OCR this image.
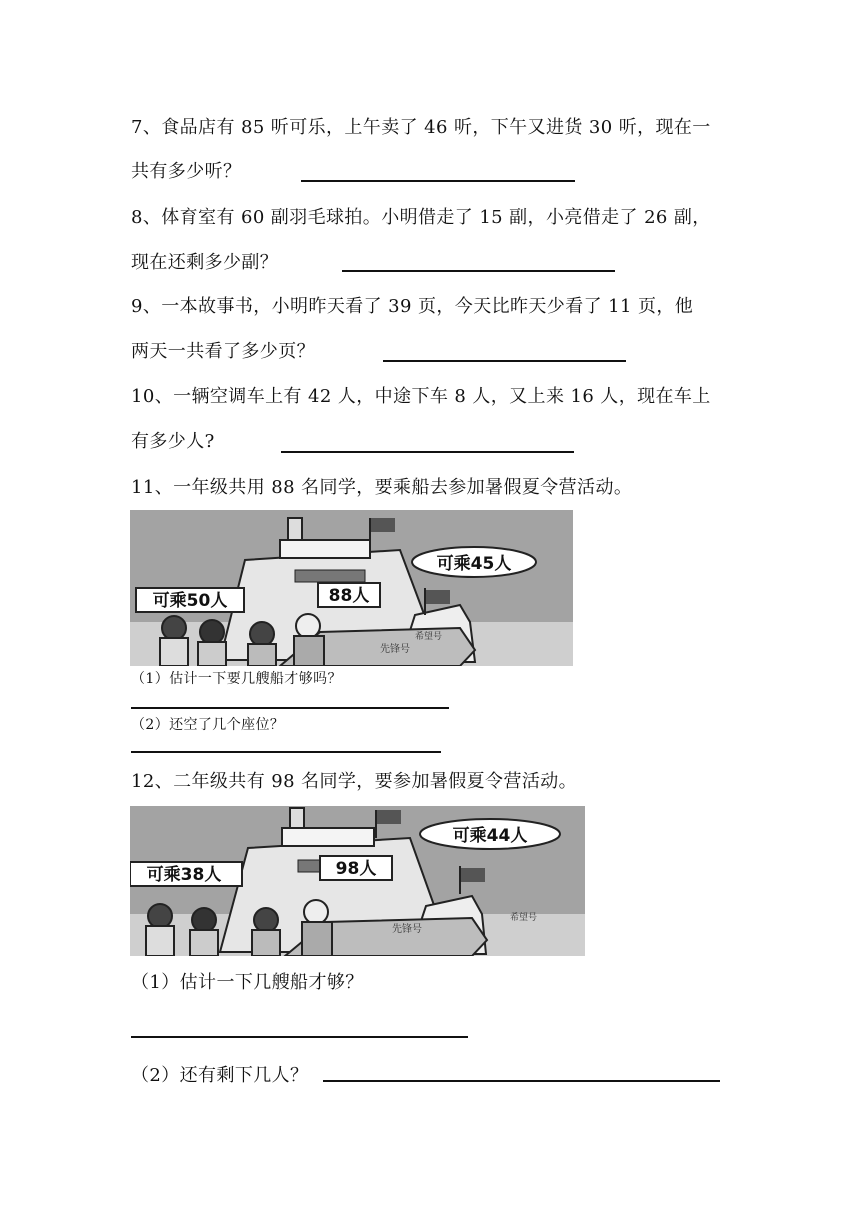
7、食品店有 85 听可乐，上午卖了 46 听，下午又进货 30 听，现在一
共有多少听？
8、体育室有 60 副羽毛球拍。小明借走了 15 副，小亮借走了 26 副，
现在还剩多少副？
9、一本故事书，小明昨天看了 39 页，今天比昨天少看了 11 页，他
两天一共看了多少页？
10、一辆空调车上有 42 人，中途下车 8 人，又上来 16 人，现在车上
有多少人?
11、一年级共用 88 名同学，要乘船去参加暑假夏令营活动。
可乘45人
可乘50人	88人
希望号
先锋号
（1）估计一下要几艘船才够吗？
（2）还空了几个座位？
12、二年级共有 98 名同学，要参加暑假夏令营活动。
可乘44人
可乘38人	98人
希望号
先锋号
（1）估计一下几艘船才够？
（2）还有剩下几人？
